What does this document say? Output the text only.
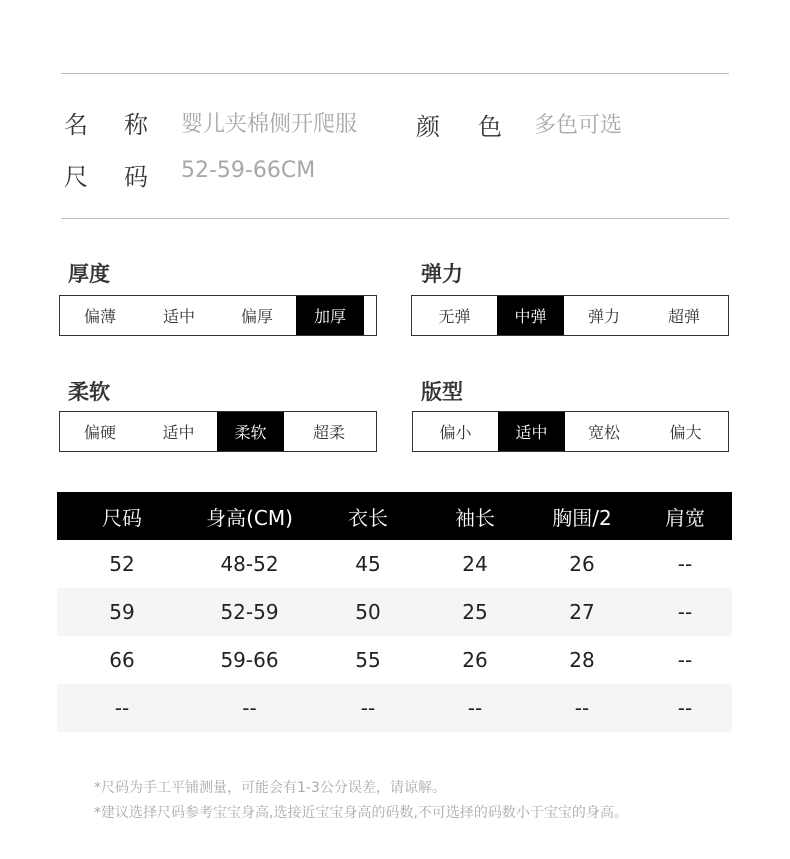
名 称 婴儿夹棉侧开爬服 颜 色 多色可选
尺 码 52-59-66CM
厚度
偏薄	适中	偏厚	加厚
弹力
无弹	中弹	弹力	超弹
柔软
偏硬	适中	柔软	超柔
版型
偏小	适中	宽松	偏大
尺码	身高(CM)	衣长	袖长	胸围/2	肩宽
52	48-52	45	24	26	--
59	52-59	50	25	27	--
66	59-66	55	26	28	--
--	--	--	--	--	--
*尺码为手工平铺测量，可能会有1-3公分误差，请谅解。
*建议选择尺码参考宝宝身高,选接近宝宝身高的码数,不可选择的码数小于宝宝的身高。
